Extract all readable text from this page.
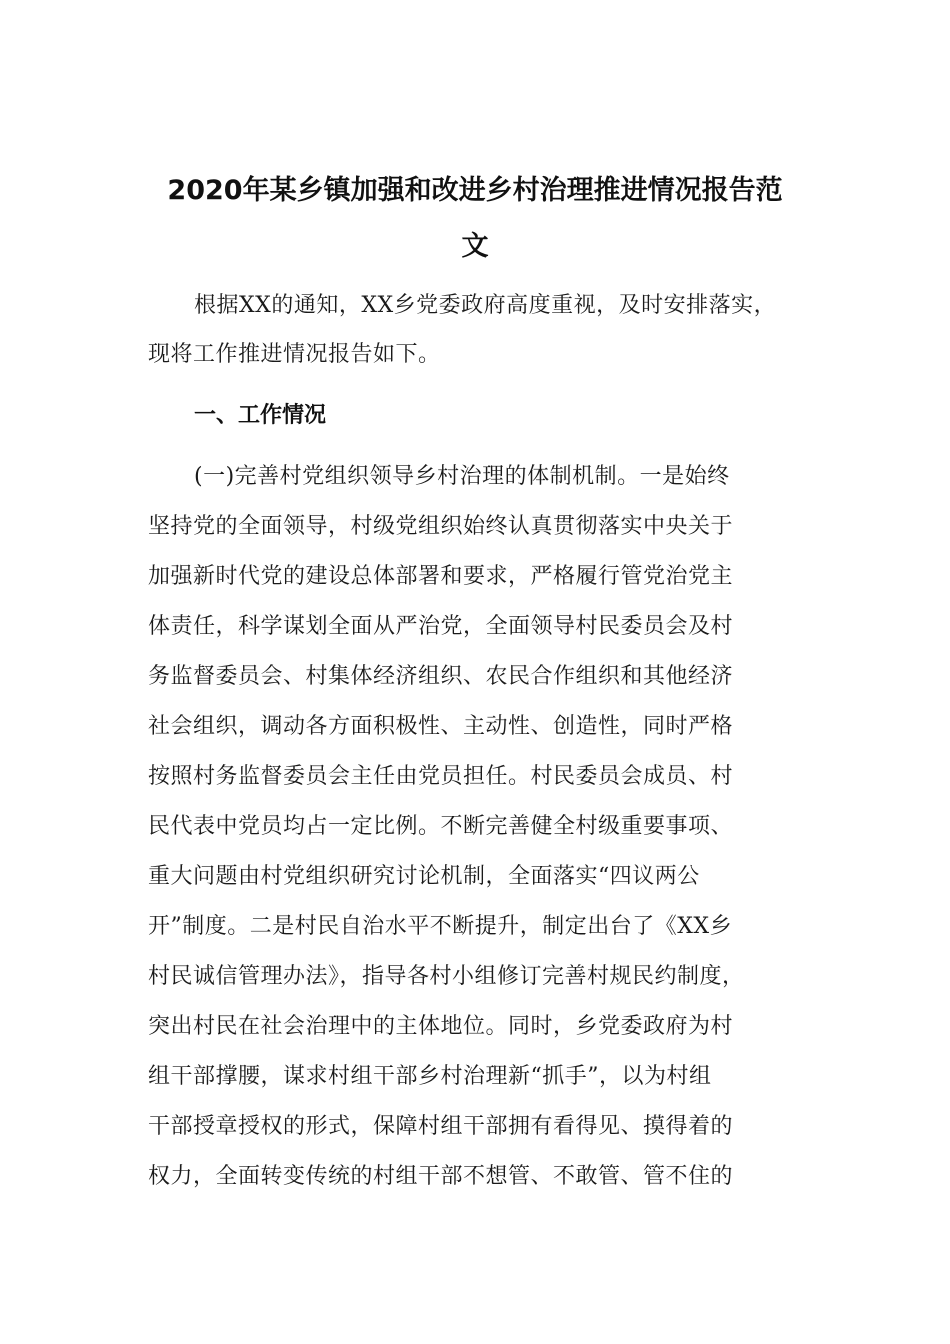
2020年某乡镇加强和改进乡村治理推进情况报告范
文
根据XX的通知，XX乡党委政府高度重视，及时安排落实，
现将工作推进情况报告如下。
一、工作情况
(一)完善村党组织领导乡村治理的体制机制。一是始终
坚持党的全面领导，村级党组织始终认真贯彻落实中央关于
加强新时代党的建设总体部署和要求，严格履行管党治党主
体责任，科学谋划全面从严治党，全面领导村民委员会及村
务监督委员会、村集体经济组织、农民合作组织和其他经济
社会组织，调动各方面积极性、主动性、创造性，同时严格
按照村务监督委员会主任由党员担任。村民委员会成员、村
民代表中党员均占一定比例。不断完善健全村级重要事项、
重大问题由村党组织研究讨论机制，全面落实“四议两公
开”制度。二是村民自治水平不断提升，制定出台了《XX乡
村民诚信管理办法》，指导各村小组修订完善村规民约制度，
突出村民在社会治理中的主体地位。同时，乡党委政府为村
组干部撑腰，谋求村组干部乡村治理新“抓手”，以为村组
干部授章授权的形式，保障村组干部拥有看得见、摸得着的
权力，全面转变传统的村组干部不想管、不敢管、管不住的
